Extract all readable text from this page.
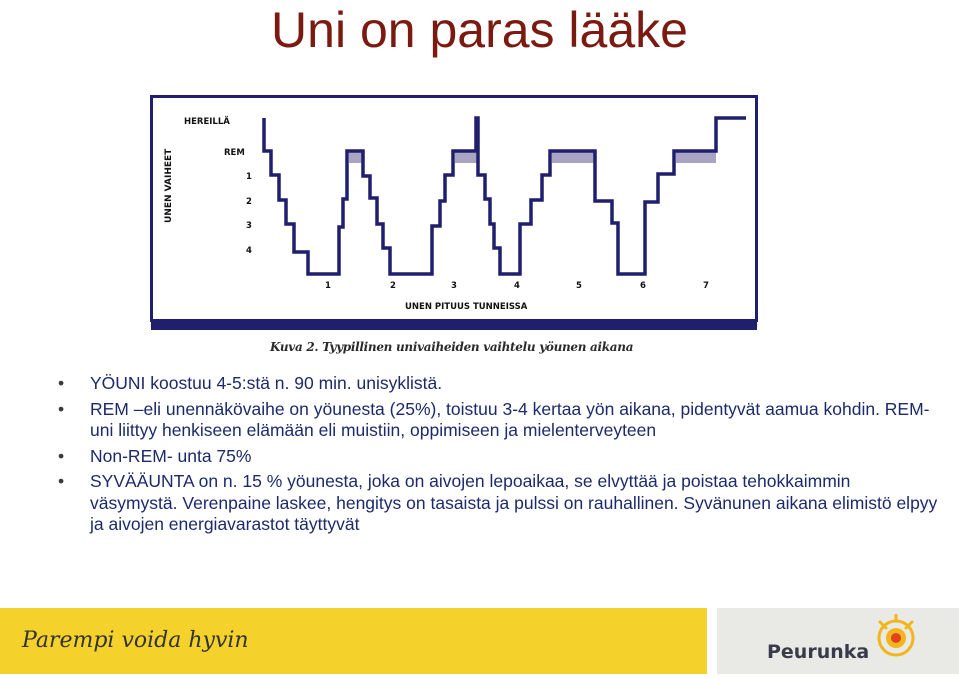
Uni on paras lääke
UNEN VAIHEET
HEREILLÄ
REM
1
2
3
4
1	2	3	4	5	6	7
UNEN PITUUS TUNNEISSA
Kuva 2. Tyypillinen univaiheiden vaihtelu yöunen aikana
• YÖUNI koostuu 4-5:stä n. 90 min. unisyklistä.
• REM –eli unennäkövaihe on yöunesta (25%), toistuu 3-4 kertaa yön aikana, pidentyvät aamua kohdin. REM-uni liittyy henkiseen elämään eli muistiin, oppimiseen ja mielenterveyteen
• Non-REM- unta 75%
• SYVÄÄUNTA on n. 15 % yöunesta, joka on aivojen lepoaikaa, se elvyttää ja poistaa tehokkaimmin väsymystä. Verenpaine laskee, hengitys on tasaista ja pulssi on rauhallinen. Syvänunen aikana elimistö elpyy ja aivojen energiavarastot täyttyvät
Parempi voida hyvin	Peurunka
